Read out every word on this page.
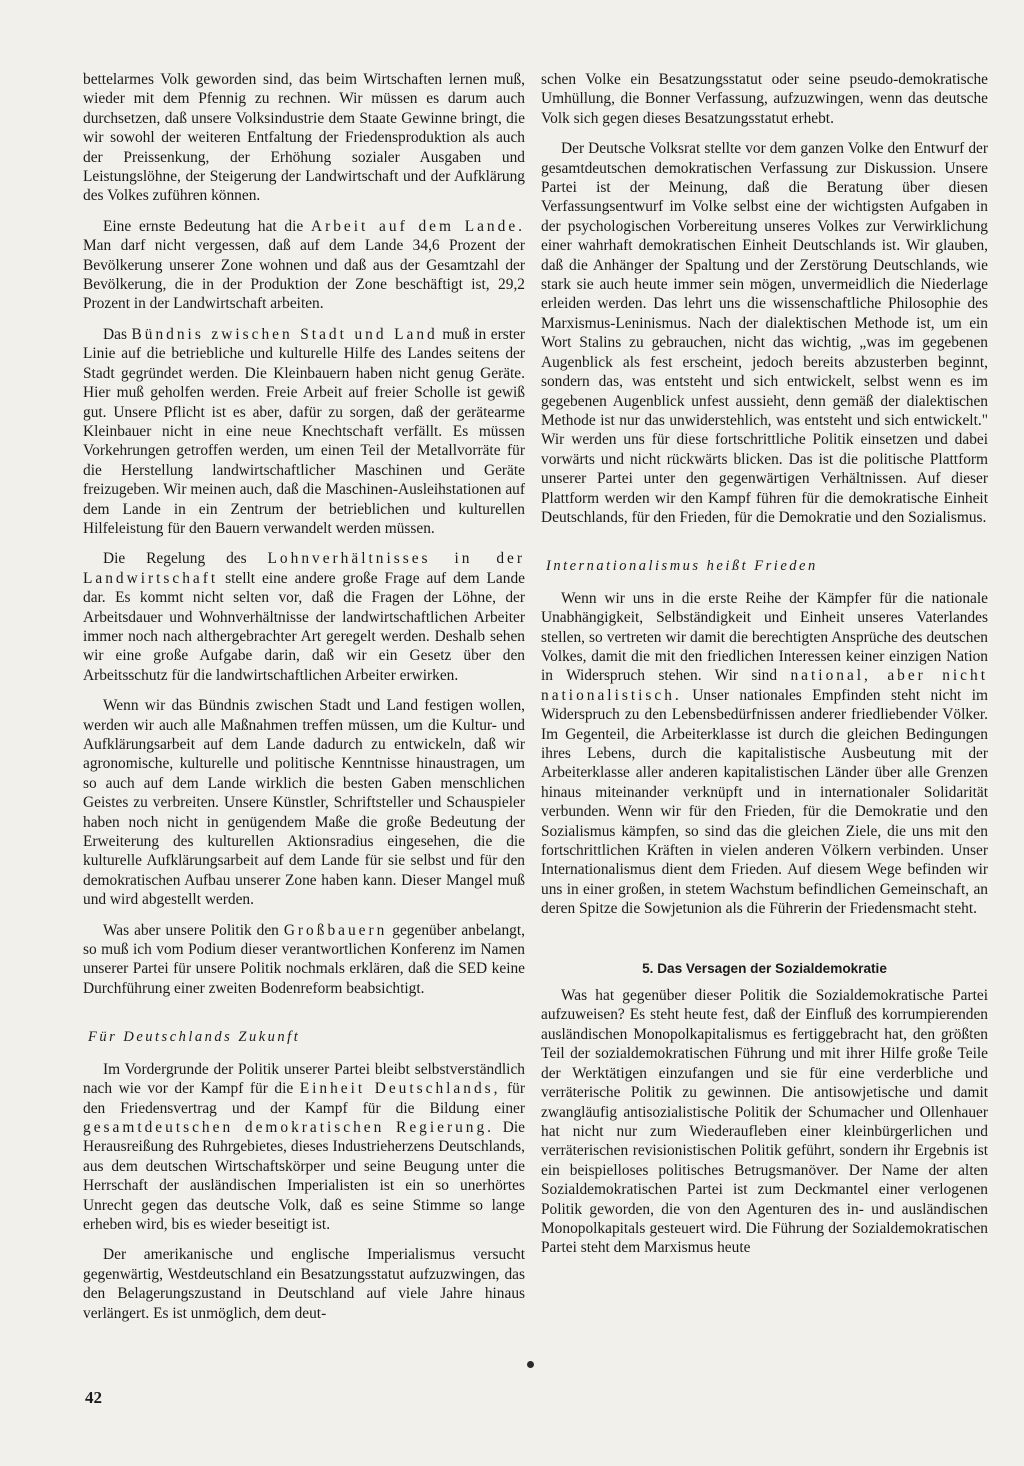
bettelarmes Volk geworden sind, das beim Wirtschaften lernen muß, wieder mit dem Pfennig zu rechnen. Wir müssen es darum auch durchsetzen, daß unsere Volksindustrie dem Staate Gewinne bringt, die wir sowohl der weiteren Entfaltung der Friedensproduktion als auch der Preissenkung, der Erhöhung sozialer Ausgaben und Leistungslöhne, der Steigerung der Landwirtschaft und der Aufklärung des Volkes zuführen können.

Eine ernste Bedeutung hat die Arbeit auf dem Lande. Man darf nicht vergessen, daß auf dem Lande 34,6 Prozent der Bevölkerung unserer Zone wohnen und daß aus der Gesamtzahl der Bevölkerung, die in der Produktion der Zone beschäftigt ist, 29,2 Prozent in der Landwirtschaft arbeiten.

Das Bündnis zwischen Stadt und Land muß in erster Linie auf die betriebliche und kulturelle Hilfe des Landes seitens der Stadt gegründet werden. Die Kleinbauern haben nicht genug Geräte. Hier muß geholfen werden. Freie Arbeit auf freier Scholle ist gewiß gut. Unsere Pflicht ist es aber, dafür zu sorgen, daß der gerätearme Kleinbauer nicht in eine neue Knechtschaft verfällt. Es müssen Vorkehrungen getroffen werden, um einen Teil der Metallvorräte für die Herstellung landwirtschaftlicher Maschinen und Geräte freizugeben. Wir meinen auch, daß die Maschinen-Ausleihstationen auf dem Lande in ein Zentrum der betrieblichen und kulturellen Hilfeleistung für den Bauern verwandelt werden müssen.

Die Regelung des Lohnverhältnisses in der Landwirtschaft stellt eine andere große Frage auf dem Lande dar. Es kommt nicht selten vor, daß die Fragen der Löhne, der Arbeitsdauer und Wohnverhältnisse der landwirtschaftlichen Arbeiter immer noch nach althergebrachter Art geregelt werden. Deshalb sehen wir eine große Aufgabe darin, daß wir ein Gesetz über den Arbeitsschutz für die landwirtschaftlichen Arbeiter erwirken.

Wenn wir das Bündnis zwischen Stadt und Land festigen wollen, werden wir auch alle Maßnahmen treffen müssen, um die Kultur- und Aufklärungsarbeit auf dem Lande dadurch zu entwickeln, daß wir agronomische, kulturelle und politische Kenntnisse hinaustragen, um so auch auf dem Lande wirklich die besten Gaben menschlichen Geistes zu verbreiten. Unsere Künstler, Schriftsteller und Schauspieler haben noch nicht in genügendem Maße die große Bedeutung der Erweiterung des kulturellen Aktionsradius eingesehen, die die kulturelle Aufklärungsarbeit auf dem Lande für sie selbst und für den demokratischen Aufbau unserer Zone haben kann. Dieser Mangel muß und wird abgestellt werden.

Was aber unsere Politik den Großbauern gegenüber anbelangt, so muß ich vom Podium dieser verantwortlichen Konferenz im Namen unserer Partei für unsere Politik nochmals erklären, daß die SED keine Durchführung einer zweiten Bodenreform beabsichtigt.

Für Deutschlands Zukunft

Im Vordergrunde der Politik unserer Partei bleibt selbstverständlich nach wie vor der Kampf für die Einheit Deutschlands, für den Friedensvertrag und der Kampf für die Bildung einer gesamtdeutschen demokratischen Regierung. Die Herausreißung des Ruhrgebietes, dieses Industrieherzens Deutschlands, aus dem deutschen Wirtschaftskörper und seine Beugung unter die Herrschaft der ausländischen Imperialisten ist ein so unerhörtes Unrecht gegen das deutsche Volk, daß es seine Stimme so lange erheben wird, bis es wieder beseitigt ist.

Der amerikanische und englische Imperialismus versucht gegenwärtig, Westdeutschland ein Besatzungsstatut aufzuzwingen, das den Belagerungszustand in Deutschland auf viele Jahre hinaus verlängert. Es ist unmöglich, dem deut-

schen Volke ein Besatzungsstatut oder seine pseudo-demokratische Umhüllung, die Bonner Verfassung, aufzuzwingen, wenn das deutsche Volk sich gegen dieses Besatzungsstatut erhebt.

Der Deutsche Volksrat stellte vor dem ganzen Volke den Entwurf der gesamtdeutschen demokratischen Verfassung zur Diskussion. Unsere Partei ist der Meinung, daß die Beratung über diesen Verfassungsentwurf im Volke selbst eine der wichtigsten Aufgaben in der psychologischen Vorbereitung unseres Volkes zur Verwirklichung einer wahrhaft demokratischen Einheit Deutschlands ist. Wir glauben, daß die Anhänger der Spaltung und der Zerstörung Deutschlands, wie stark sie auch heute immer sein mögen, unvermeidlich die Niederlage erleiden werden. Das lehrt uns die wissenschaftliche Philosophie des Marxismus-Leninismus. Nach der dialektischen Methode ist, um ein Wort Stalins zu gebrauchen, nicht das wichtig, „was im gegebenen Augenblick als fest erscheint, jedoch bereits abzusterben beginnt, sondern das, was entsteht und sich entwickelt, selbst wenn es im gegebenen Augenblick unfest aussieht, denn gemäß der dialektischen Methode ist nur das unwiderstehlich, was entsteht und sich entwickelt." Wir werden uns für diese fortschrittliche Politik einsetzen und dabei vorwärts und nicht rückwärts blicken. Das ist die politische Plattform unserer Partei unter den gegenwärtigen Verhältnissen. Auf dieser Plattform werden wir den Kampf führen für die demokratische Einheit Deutschlands, für den Frieden, für die Demokratie und den Sozialismus.

Internationalismus heißt Frieden

Wenn wir uns in die erste Reihe der Kämpfer für die nationale Unabhängigkeit, Selbständigkeit und Einheit unseres Vaterlandes stellen, so vertreten wir damit die berechtigten Ansprüche des deutschen Volkes, damit die mit den friedlichen Interessen keiner einzigen Nation in Widerspruch stehen. Wir sind national, aber nicht nationalistisch. Unser nationales Empfinden steht nicht im Widerspruch zu den Lebensbedürfnissen anderer friedliebender Völker. Im Gegenteil, die Arbeiterklasse ist durch die gleichen Bedingungen ihres Lebens, durch die kapitalistische Ausbeutung mit der Arbeiterklasse aller anderen kapitalistischen Länder über alle Grenzen hinaus miteinander verknüpft und in internationaler Solidarität verbunden. Wenn wir für den Frieden, für die Demokratie und den Sozialismus kämpfen, so sind das die gleichen Ziele, die uns mit den fortschrittlichen Kräften in vielen anderen Völkern verbinden. Unser Internationalismus dient dem Frieden. Auf diesem Wege befinden wir uns in einer großen, in stetem Wachstum befindlichen Gemeinschaft, an deren Spitze die Sowjetunion als die Führerin der Friedensmacht steht.

5. Das Versagen der Sozialdemokratie

Was hat gegenüber dieser Politik die Sozialdemokratische Partei aufzuweisen? Es steht heute fest, daß der Einfluß des korrumpierenden ausländischen Monopolkapitalismus es fertiggebracht hat, den größten Teil der sozialdemokratischen Führung und mit ihrer Hilfe große Teile der Werktätigen einzufangen und sie für eine verderbliche und verräterische Politik zu gewinnen. Die antisowjetische und damit zwangläufig antisozialistische Politik der Schumacher und Ollenhauer hat nicht nur zum Wiederaufleben einer kleinbürgerlichen und verräterischen revisionistischen Politik geführt, sondern ihr Ergebnis ist ein beispielloses politisches Betrugsmanöver. Der Name der alten Sozialdemokratischen Partei ist zum Deckmantel einer verlogenen Politik geworden, die von den Agenturen des in- und ausländischen Monopolkapitals gesteuert wird. Die Führung der Sozialdemokratischen Partei steht dem Marxismus heute

42
